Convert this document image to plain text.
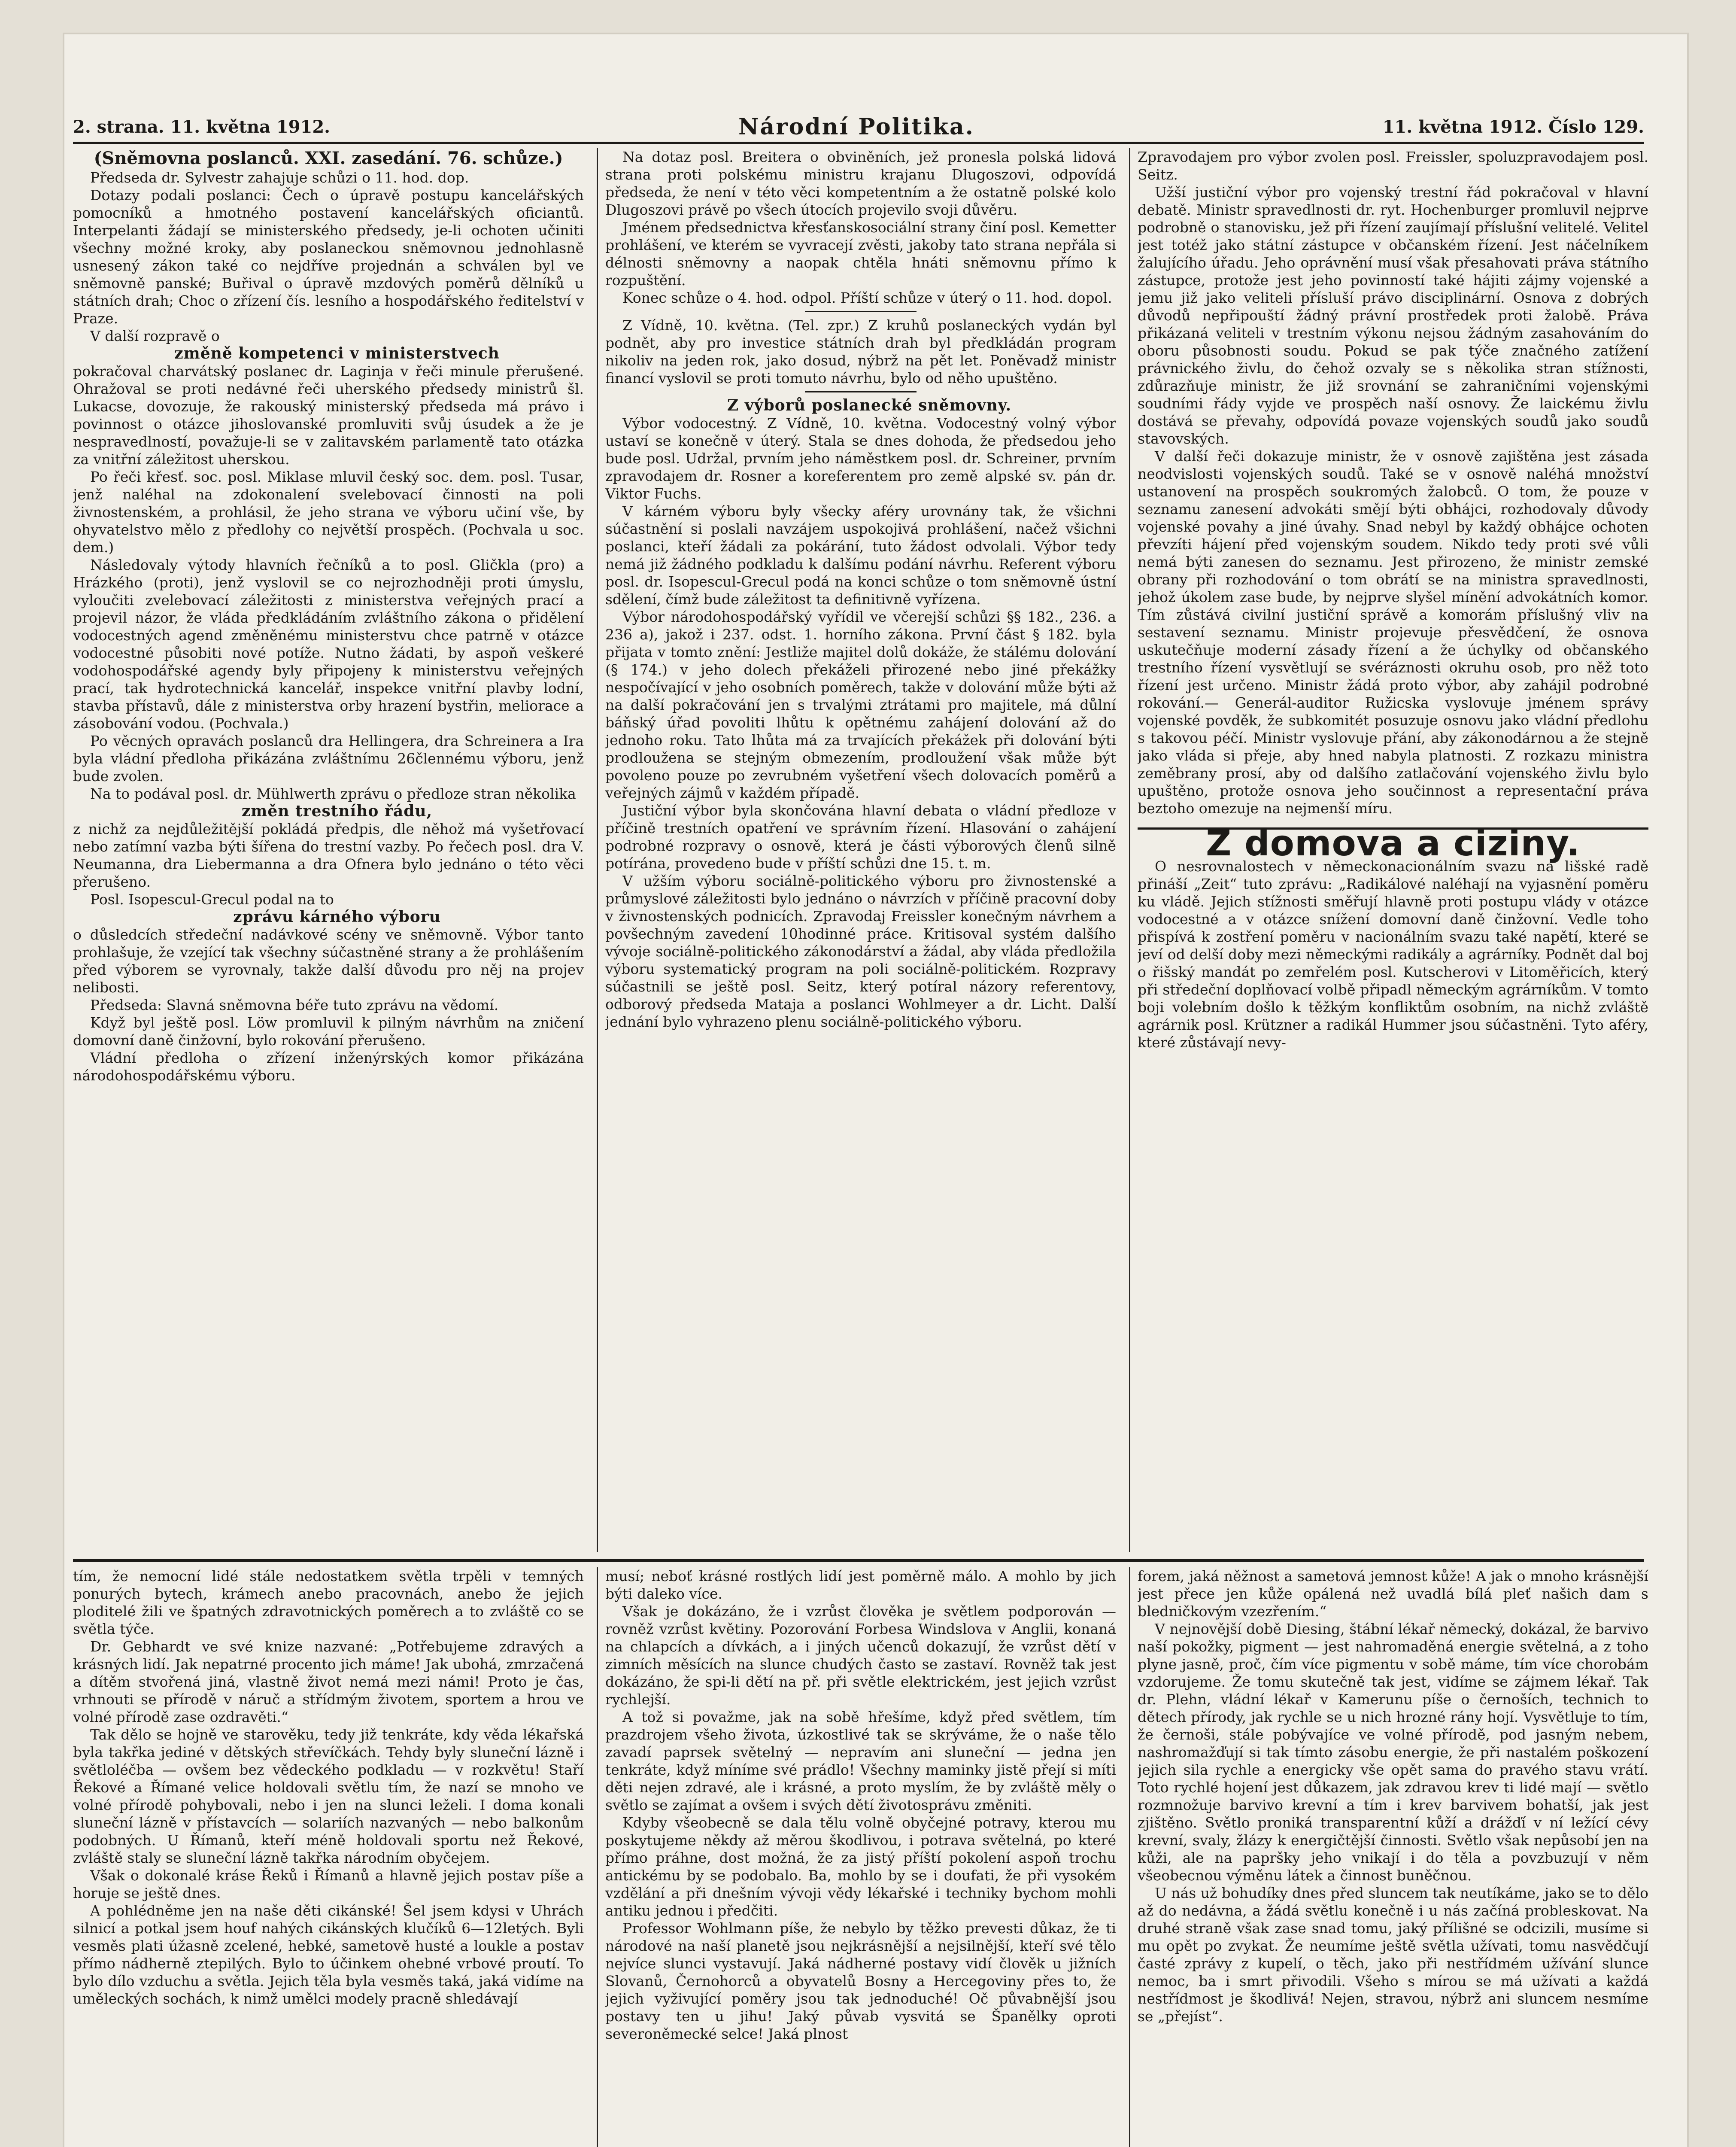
2. strana. 11. května 1912.	Národní Politika.	11. května 1912. Číslo 129.

(Sněmovna poslanců. XXI. zasedání. 76. schůze.)

Předseda dr. Sylvestr zahajuje schůzi o 11. hod. dop.

Dotazy podali poslanci: Čech o úpravě postupu kancelářských pomocníků a hmotného postavení kancelářských oficiantů. Interpelanti žádají se ministerského předsedy, je-li ochoten učiniti všechny možné kroky, aby poslaneckou sněmovnou jednohlasně usnesený zákon také co nejdříve projednán a schválen byl ve sněmovně panské; Buřival o úpravě mzdových poměrů dělníků u státních drah; Choc o zřízení čís. lesního a hospodářského ředitelství v Praze.

V další rozpravě o

změně kompetenci v ministerstvech

pokračoval charvátský poslanec dr. Laginja v řeči minule přerušené. Ohražoval se proti nedávné řeči uherského předsedy ministrů šl. Lukacse, dovozuje, že rakouský ministerský předseda má právo i povinnost o otázce jihoslovanské promluviti svůj úsudek a že je nespravedlností, považuje-li se v zalitavském parlamentě tato otázka za vnitřní záležitost uherskou.

Po řeči křesť. soc. posl. Miklase mluvil český soc. dem. posl. Tusar, jenž naléhal na zdokonalení svelebovací činnosti na poli živnostenském, a prohlásil, že jeho strana ve výboru učiní vše, by ohyvatelstvo mělo z předlohy co největší prospěch. (Pochvala u soc. dem.)

Následovaly výtody hlavních řečníků a to posl. Gličkla (pro) a Hrázkého (proti), jenž vyslovil se co nejrozhodněji proti úmyslu, vyloučiti zvelebovací záležitosti z ministerstva veřejných prací a projevil názor, že vláda předkládáním zvláštního zákona o přidělení vodocestných agend změněnému ministerstvu chce patrně v otázce vodocestné působiti nové potíže. Nutno žádati, by aspoň veškeré vodohospodářské agendy byly připojeny k ministerstvu veřejných prací, tak hydrotechnická kancelář, inspekce vnitřní plavby lodní, stavba přístavů, dále z ministerstva orby hrazení bystřin, meliorace a zásobování vodou. (Pochvala.)

Po věcných opravách poslanců dra Hellingera, dra Schreinera a Ira byla vládní předloha přikázána zvláštnímu 26člennému výboru, jenž bude zvolen.

Na to podával posl. dr. Mühlwerth zprávu o předloze stran několika

změn trestního řádu,

z nichž za nejdůležitější pokládá předpis, dle něhož má vyšetřovací nebo zatímní vazba býti šířena do trestní vazby. Po řečech posl. dra V. Neumanna, dra Liebermanna a dra Ofnera bylo jednáno o této věci přerušeno.

Posl. Isopescul-Grecul podal na to

zprávu kárného výboru

o důsledcích středeční nadávkové scény ve sněmovně. Výbor tanto prohlašuje, že vzející tak všechny súčastněné strany a že prohlášením před výborem se vyrovnaly, takže další důvodu pro něj na projev nelibosti.

Předseda: Slavná sněmovna béře tuto zprávu na vědomí.

Když byl ještě posl. Löw promluvil k pilným návrhům na zničení domovní daně činžovní, bylo rokování přerušeno.

Vládní předloha o zřízení inženýrských komor přikázána národohospodářskému výboru.

Na dotaz posl. Breitera o obviněních, jež pronesla polská lidová strana proti polskému ministru krajanu Dlugoszovi, odpovídá předseda, že není v této věci kompetentním a že ostatně polské kolo Dlugoszovi právě po všech útocích projevilo svoji důvěru.

Jménem předsednictva křesťanskosociální strany činí posl. Kemetter prohlášení, ve kterém se vyvracejí zvěsti, jakoby tato strana nepřála si délnosti sněmovny a naopak chtěla hnáti sněmovnu přímo k rozpuštění.

Konec schůze o 4. hod. odpol. Příští schůze v úterý o 11. hod. dopol.

Z Vídně, 10. května. (Tel. zpr.) Z kruhů poslaneckých vydán byl podnět, aby pro investice státních drah byl předkládán program nikoliv na jeden rok, jako dosud, nýbrž na pět let. Poněvadž ministr financí vyslovil se proti tomuto návrhu, bylo od něho upuštěno.

Z výborů poslanecké sněmovny.

Výbor vodocestný. Z Vídně, 10. května. Vodocestný volný výbor ustaví se konečně v úterý. Stala se dnes dohoda, že předsedou jeho bude posl. Udržal, prvním jeho náměstkem posl. dr. Schreiner, prvním zpravodajem dr. Rosner a koreferentem pro země alpské sv. pán dr. Viktor Fuchs.

V kárném výboru byly všecky aféry urovnány tak, že všichni súčastnění si poslali navzájem uspokojivá prohlášení, načež všichni poslanci, kteří žádali za pokárání, tuto žádost odvolali. Výbor tedy nemá již žádného podkladu k dalšímu podání návrhu. Referent výboru posl. dr. Isopescul-Grecul podá na konci schůze o tom sněmovně ústní sdělení, čímž bude záležitost ta definitivně vyřízena.

Výbor národohospodářský vyřídil ve včerejší schůzi §§ 182., 236. a 236 a), jakož i 237. odst. 1. horního zákona. První část § 182. byla přijata v tomto znění: Jestliže majitel dolů dokáže, že stálému dolování (§ 174.) v jeho dolech překáželi přirozené nebo jiné překážky nespočívající v jeho osobních poměrech, takže v dolování může býti až na další pokračování jen s trvalými ztrátami pro majitele, má důlní báňský úřad povoliti lhůtu k opětnému zahájení dolování až do jednoho roku. Tato lhůta má za trvajících překážek při dolování býti prodloužena se stejným obmezením, prodloužení však může být povoleno pouze po zevrubném vyšetření všech dolovacích poměrů a veřejných zájmů v každém případě.

Justiční výbor byla skončována hlavní debata o vládní předloze v příčině trestních opatření ve správním řízení. Hlasování o zahájení podrobné rozpravy o osnově, která je části výborových členů silně potírána, provedeno bude v příští schůzi dne 15. t. m.

V užším výboru sociálně-politického výboru pro živnostenské a průmyslové záležitosti bylo jednáno o návrzích v příčině pracovní doby v živnostenských podnicích. Zpravodaj Freissler konečným návrhem a povšechným zavedení 10hodinné práce. Kritisoval systém dalšího vývoje sociálně-politického zákonodárství a žádal, aby vláda předložila výboru systematický program na poli sociálně-politickém. Rozpravy súčastnili se ještě posl. Seitz, který potíral názory referentovy, odborový předseda Mataja a poslanci Wohlmeyer a dr. Licht. Další jednání bylo vyhrazeno plenu sociálně-politického výboru.

Zpravodajem pro výbor zvolen posl. Freissler, spoluzpravodajem posl. Seitz.

Užší justiční výbor pro vojenský trestní řád pokračoval v hlavní debatě. Ministr spravedlnosti dr. ryt. Hochenburger promluvil nejprve podrobně o stanovisku, jež při řízení zaujímají příslušní velitelé. Velitel jest totéž jako státní zástupce v občanském řízení. Jest náčelníkem žalujícího úřadu. Jeho oprávnění musí však přesahovati práva státního zástupce, protože jest jeho povinností také hájiti zájmy vojenské a jemu již jako veliteli přísluší právo disciplinární. Osnova z dobrých důvodů nepřipouští žádný právní prostředek proti žalobě. Práva přikázaná veliteli v trestním výkonu nejsou žádným zasahováním do oboru působnosti soudu. Pokud se pak týče značného zatížení právnického živlu, do čehož ozvaly se s několika stran stížnosti, zdůrazňuje ministr, že již srovnání se zahraničními vojenskými soudními řády vyjde ve prospěch naší osnovy. Že laickému živlu dostává se převahy, odpovídá povaze vojenských soudů jako soudů stavovských.

V další řeči dokazuje ministr, že v osnově zajištěna jest zásada neodvislosti vojenských soudů. Také se v osnově naléhá množství ustanovení na prospěch soukromých žalobců. O tom, že pouze v seznamu zanesení advokáti smějí býti obhájci, rozhodovaly důvody vojenské povahy a jiné úvahy. Snad nebyl by každý obhájce ochoten převzíti hájení před vojenským soudem. Nikdo tedy proti své vůli nemá býti zanesen do seznamu. Jest přirozeno, že ministr zemské obrany při rozhodování o tom obrátí se na ministra spravedlnosti, jehož úkolem zase bude, by nejprve slyšel mínění advokátních komor. Tím zůstává civilní justiční správě a komorám příslušný vliv na sestavení seznamu. Ministr projevuje přesvědčení, že osnova uskutečňuje moderní zásady řízení a že úchylky od občanského trestního řízení vysvětlují se svéráznosti okruhu osob, pro něž toto řízení jest určeno. Ministr žádá proto výbor, aby zahájil podrobné rokování.— Generál-auditor Ružicska vyslovuje jménem správy vojenské povděk, že subkomitét posuzuje osnovu jako vládní předlohu s takovou péčí. Ministr vyslovuje přání, aby zákonodárnou a že stejně jako vláda si přeje, aby hned nabyla platnosti. Z rozkazu ministra zeměbrany prosí, aby od dalšího zatlačování vojenského živlu bylo upuštěno, protože osnova jeho součinnost a representační práva beztoho omezuje na nejmenší míru.

Z domova a ciziny.

O nesrovnalostech v německonacionálním svazu na lišské radě přináší „Zeit“ tuto zprávu: „Radikálové naléhají na vyjasnění poměru ku vládě. Jejich stížnosti směřují hlavně proti postupu vlády v otázce vodocestné a v otázce snížení domovní daně činžovní. Vedle toho přispívá k zostření poměru v nacionálním svazu také napětí, které se jeví od delší doby mezi německými radikály a agrárníky. Podnět dal boj o řišský mandát po zemřelém posl. Kutscherovi v Litoměřicích, který při středeční doplňovací volbě připadl německým agrárníkům. V tomto boji volebním došlo k těžkým konfliktům osobním, na nichž zvláště agrárnik posl. Krützner a radikál Hummer jsou súčastněni. Tyto aféry, které zůstávají nevy-

tím, že nemocní lidé stále nedostatkem světla trpěli v temných ponurých bytech, krámech anebo pracovnách, anebo že jejich ploditelé žili ve špatných zdravotnických poměrech a to zvláště co se světla týče.

Dr. Gebhardt ve své knize nazvané: „Potřebujeme zdravých a krásných lidí. Jak nepatrné procento jich máme! Jak ubohá, zmrzačená a dítěm stvořená jiná, vlastně život nemá mezi námi! Proto je čas, vrhnouti se přírodě v náruč a střídmým životem, sportem a hrou ve volné přírodě zase ozdravěti.“

Tak dělo se hojně ve starověku, tedy již tenkráte, kdy věda lékařská byla takřka jediné v dětských střevíčkách. Tehdy byly sluneční lázně i světloléčba — ovšem bez vědeckého podkladu — v rozkvětu! Staří Řekové a Římané velice holdovali světlu tím, že nazí se mnoho ve volné přírodě pohybovali, nebo i jen na slunci leželi. I doma konali sluneční lázně v přístavcích — solariích nazvaných — nebo balkonům podobných. U Římanů, kteří méně holdovali sportu než Řekové, zvláště staly se sluneční lázně takřka národním obyčejem.

Však o dokonalé kráse Řeků i Římanů a hlavně jejich postav píše a horuje se ještě dnes.

A pohlédněme jen na naše děti cikánské! Šel jsem kdysi v Uhrách silnicí a potkal jsem houf nahých cikánských klučíků 6—12letých. Byli vesměs plati úžasně zcelené, hebké, sametově husté a loukle a postav přímo nádherně ztepilých. Bylo to účinkem ohebné vrbové proutí. To bylo dílo vzduchu a světla. Jejich těla byla vesměs taká, jaká vidíme na uměleckých sochách, k nimž umělci modely pracně shledávají

musí; neboť krásné rostlých lidí jest poměrně málo. A mohlo by jich býti daleko více.

Však je dokázáno, že i vzrůst člověka je světlem podporován — rovněž vzrůst květiny. Pozorování Forbesa Windslova v Anglii, konaná na chlapcích a dívkách, a i jiných učenců dokazují, že vzrůst dětí v zimních měsících na slunce chudých často se zastaví. Rovněž tak jest dokázáno, že spi-li dětí na př. při světle elektrickém, jest jejich vzrůst rychlejší.

A tož si považme, jak na sobě hřešíme, když před světlem, tím prazdrojem všeho života, úzkostlivé tak se skrýváme, že o naše tělo zavadí paprsek světelný — nepravím ani sluneční — jedna jen tenkráte, když míníme své prádlo! Všechny maminky jistě přejí si míti děti nejen zdravé, ale i krásné, a proto myslím, že by zvláště měly o světlo se zajímat a ovšem i svých dětí životosprávu změniti.

Kdyby všeobecně se dala tělu volně obyčejné potravy, kterou mu poskytujeme někdy až měrou škodlivou, i potrava světelná, po které přímo práhne, dost možná, že za jistý příští pokolení aspoň trochu antickému by se podobalo. Ba, mohlo by se i doufati, že při vysokém vzdělání a při dnešním vývoji vědy lékařské i techniky bychom mohli antiku jednou i předčiti.

Professor Wohlmann píše, že nebylo by těžko prevesti důkaz, že ti národové na naší planetě jsou nejkrásnější a nejsilnější, kteří své tělo nejvíce slunci vystavují. Jaká nádherné postavy vidí člověk u jižních Slovanů, Černohorců a obyvatelů Bosny a Hercegoviny přes to, že jejich vyživující poměry jsou tak jednoduché! Oč půvabnější jsou postavy ten u jihu! Jaký půvab vysvitá se Španělky oproti severoněmecké selce! Jaká plnost

forem, jaká něžnost a sametová jemnost kůže! A jak o mnoho krásnější jest přece jen kůže opálená než uvadlá bílá pleť našich dam s bledničkovým vzezřením.“

V nejnovější době Diesing, štábní lékař německý, dokázal, že barvivo naší pokožky, pigment — jest nahromaděná energie světelná, a z toho plyne jasně, proč, čím více pigmentu v sobě máme, tím více chorobám vzdorujeme. Že tomu skutečně tak jest, vidíme se zájmem lékař. Tak dr. Plehn, vládní lékař v Kamerunu píše o černoších, technich to dětech přírody, jak rychle se u nich hrozné rány hojí. Vysvětluje to tím, že černoši, stále pobývajíce ve volné přírodě, pod jasným nebem, nashromažďují si tak tímto zásobu energie, že při nastalém poškození jejich sila rychle a energicky vše opět sama do pravého stavu vrátí. Toto rychlé hojení jest důkazem, jak zdravou krev ti lidé mají — světlo rozmnožuje barvivo krevní a tím i krev barvivem bohatší, jak jest zjištěno. Světlo proniká transparentní kůží a drážďí v ní ležící cévy krevní, svaly, žlázy k energičtější činnosti. Světlo však nepůsobí jen na kůži, ale na papršky jeho vnikají i do těla a povzbuzují v něm všeobecnou výměnu látek a činnost buněčnou.

U nás už bohudíky dnes před sluncem tak neutíkáme, jako se to dělo až do nedávna, a žádá světlu konečně i u nás začíná probleskovat. Na druhé straně však zase snad tomu, jaký přílišné se odcizili, musíme si mu opět po zvykat. Že neumíme ještě světla užívati, tomu nasvědčují časté zprávy z kupelí, o těch, jako při nestřídmém užívání slunce nemoc, ba i smrt přivodili. Všeho s mírou se má užívati a každá nestřídmost je škodlivá! Nejen, stravou, nýbrž ani sluncem nesmíme se „přejíst“.
